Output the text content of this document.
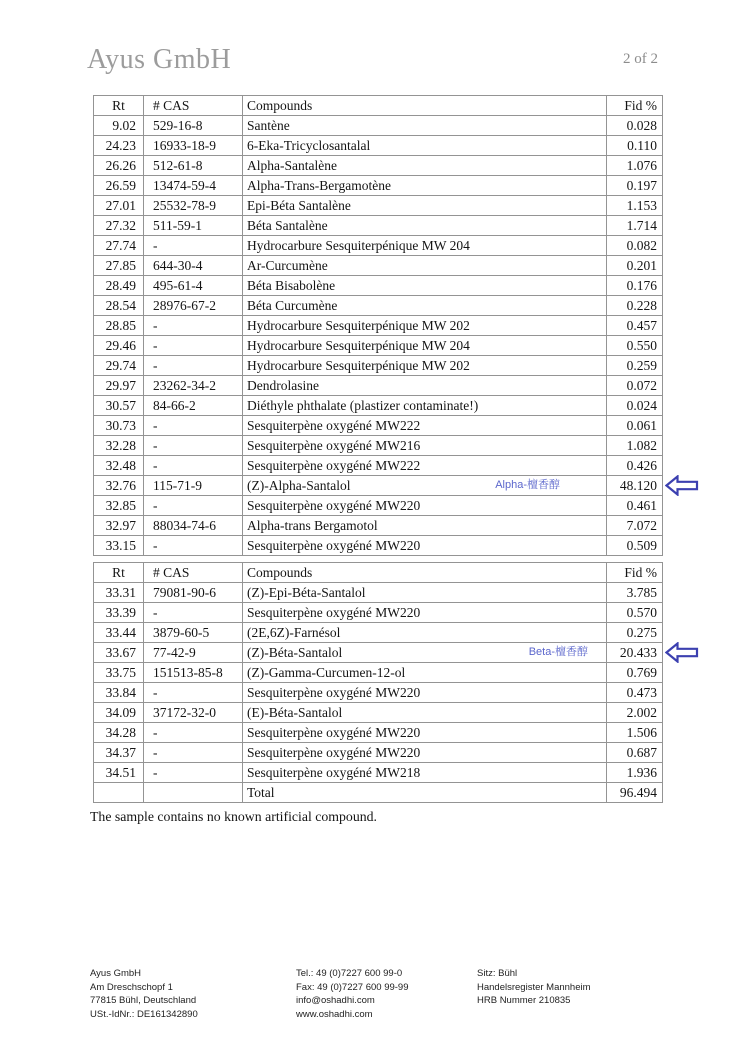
Ayus GmbH	2 of 2
Rt	# CAS	Compounds	Fid %
9.02	529-16-8	Santène	0.028
24.23	16933-18-9	6-Eka-Tricyclosantalal	0.110
26.26	512-61-8	Alpha-Santalène	1.076
26.59	13474-59-4	Alpha-Trans-Bergamotène	0.197
27.01	25532-78-9	Epi-Béta Santalène	1.153
27.32	511-59-1	Béta Santalène	1.714
27.74	-	Hydrocarbure Sesquiterpénique MW 204	0.082
27.85	644-30-4	Ar-Curcumène	0.201
28.49	495-61-4	Béta Bisabolène	0.176
28.54	28976-67-2	Béta Curcumène	0.228
28.85	-	Hydrocarbure Sesquiterpénique MW 202	0.457
29.46	-	Hydrocarbure Sesquiterpénique MW 204	0.550
29.74	-	Hydrocarbure Sesquiterpénique MW 202	0.259
29.97	23262-34-2	Dendrolasine	0.072
30.57	84-66-2	Diéthyle phthalate (plastizer contaminate!)	0.024
30.73	-	Sesquiterpène oxygéné MW222	0.061
32.28	-	Sesquiterpène oxygéné MW216	1.082
32.48	-	Sesquiterpène oxygéné MW222	0.426
32.76	115-71-9	(Z)-Alpha-Santalol Alpha-檀香醇	48.120

32.85	-	Sesquiterpène oxygéné MW220	0.461
32.97	88034-74-6	Alpha-trans Bergamotol	7.072
33.15	-	Sesquiterpène oxygéné MW220	0.509
Rt	# CAS	Compounds	Fid %
33.31	79081-90-6	(Z)-Epi-Béta-Santalol	3.785
33.39	-	Sesquiterpène oxygéné MW220	0.570
33.44	3879-60-5	(2E,6Z)-Farnésol	0.275
33.67	77-42-9	(Z)-Béta-Santalol Beta-檀香醇	20.433

33.75	151513-85-8	(Z)-Gamma-Curcumen-12-ol	0.769
33.84	-	Sesquiterpène oxygéné MW220	0.473
34.09	37172-32-0	(E)-Béta-Santalol	2.002
34.28	-	Sesquiterpène oxygéné MW220	1.506
34.37	-	Sesquiterpène oxygéné MW220	0.687
34.51	-	Sesquiterpène oxygéné MW218	1.936
		Total	96.494
The sample contains no known artificial compound.
Ayus GmbH
Am Dreschschopf 1
77815 Bühl, Deutschland
USt.-IdNr.: DE161342890
Tel.: 49 (0)7227 600 99-0
Fax: 49 (0)7227 600 99-99
info@oshadhi.com
www.oshadhi.com
Sitz: Bühl
Handelsregister Mannheim
HRB Nummer 210835
